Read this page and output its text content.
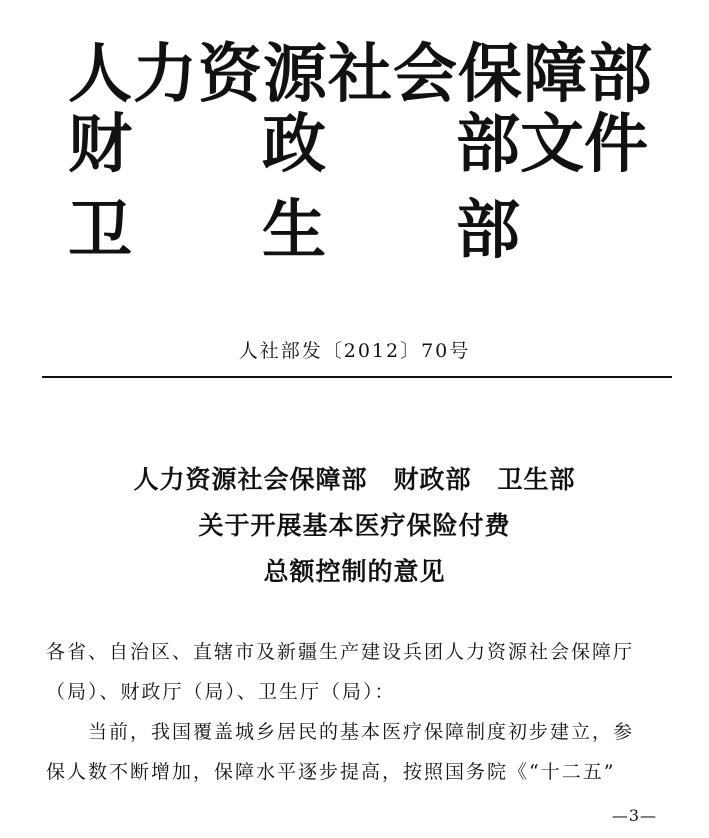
人力资源社会保障部
财 政 部 文件
卫 生 部
人社部发〔2012〕70号
人力资源社会保障部　财政部　卫生部
关于开展基本医疗保险付费
总额控制的意见
各省、自治区、直辖市及新疆生产建设兵团人力资源社会保障厅
（局）、财政厅（局）、卫生厅（局）：
当前，我国覆盖城乡居民的基本医疗保障制度初步建立，参
保人数不断增加，保障水平逐步提高，按照国务院《“十二五”
—3—
